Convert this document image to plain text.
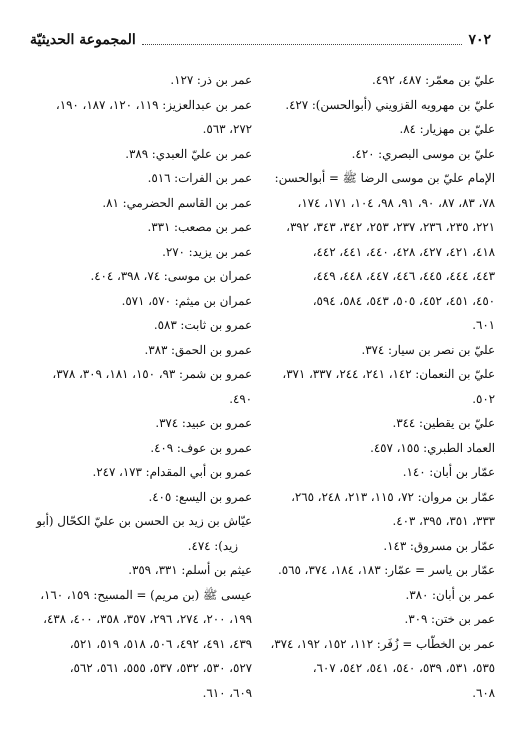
٧٠٢
المجموعة الحديثيّة
عليّ بن معمّر: ٤٨٧، ٤٩٢.
عليّ بن مهرويه القزويني (أبوالحسن): ٤٢٧.
عليّ بن مهزيار: ٨٤.
عليّ بن موسى البصري: ٤٢٠.
الإمام عليّ بن موسى الرضا ﷺ = أبوالحسن:
٧٨، ٨٣، ٨٧، ٩٠، ٩١، ٩٨، ١٠٤، ١٧١، ١٧٤،
٢٢١، ٢٣٥، ٢٣٦، ٢٣٧، ٢٥٣، ٣٤٢، ٣٤٣، ٣٩٢،
٤١٨، ٤٢١، ٤٢٧، ٤٢٨، ٤٤٠، ٤٤١، ٤٤٢،
٤٤٣، ٤٤٤، ٤٤٥، ٤٤٦، ٤٤٧، ٤٤٨، ٤٤٩،
٤٥٠، ٤٥١، ٤٥٢، ٥٠٥، ٥٤٣، ٥٨٤، ٥٩٤،
٦٠١.
عليّ بن نصر بن سيار: ٣٧٤.
عليّ بن النعمان: ١٤٢، ٢٤١، ٢٤٤، ٣٣٧، ٣٧١،
٥٠٢.
عليّ بن يقطين: ٣٤٤.
العماد الطبري: ١٥٥، ٤٥٧.
عمّار بن أبان: ١٤٠.
عمّار بن مروان: ٧٢، ١١٥، ٢١٣، ٢٤٨، ٢٦٥،
٣٣٣، ٣٥١، ٣٩٥، ٤٠٣.
عمّار بن مسروق: ١٤٣.
عمّار بن ياسر = عمّار: ١٨٣، ١٨٤، ٣٧٤، ٥٦٥.
عمر بن أبان: ٣٨٠.
عمر بن ختن: ٣٠٩.
عمر بن الخطّاب = زُفَر: ١١٢، ١٥٢، ١٩٢، ٣٧٤،
٥٣٥، ٥٣١، ٥٣٩، ٥٤٠، ٥٤١، ٥٤٢، ٦٠٧،
٦٠٨.
عمر بن ذر: ١٢٧.
عمر بن عبدالعزيز: ١١٩، ١٢٠، ١٨٧، ١٩٠،
٢٧٢، ٥٦٣.
عمر بن عليّ العبدي: ٣٨٩.
عمر بن الفرات: ٥١٦.
عمر بن القاسم الحضرمي: ٨١.
عمر بن مصعب: ٣٣١.
عمر بن يزيد: ٢٧٠.
عمران بن موسى: ٧٤، ٣٩٨، ٤٠٤.
عمران بن ميثم: ٥٧٠، ٥٧١.
عمرو بن ثابت: ٥٨٣.
عمرو بن الحمق: ٣٨٣.
عمرو بن شمر: ٩٣، ١٥٠، ١٨١، ٣٠٩، ٣٧٨،
٤٩٠.
عمرو بن عبيد: ٣٧٤.
عمرو بن عوف: ٤٠٩.
عمرو بن أبي المقدام: ١٧٣، ٢٤٧.
عمرو بن اليسع: ٤٠٥.
عيّاش بن زيد بن الحسن بن عليّ الكحّال (أبو
زيد): ٤٧٤.
عيثم بن أسلم: ٣٣١، ٣٥٩.
عيسى ﷺ (بن مريم) = المسيح: ١٥٩، ١٦٠،
١٩٩، ٢٠٠، ٢٧٤، ٢٩٦، ٣٥٧، ٣٥٨، ٤٠٠، ٤٣٨،
٤٣٩، ٤٩١، ٤٩٢، ٥٠٦، ٥١٨، ٥١٩، ٥٢١،
٥٢٧، ٥٣٠، ٥٣٢، ٥٣٧، ٥٥٥، ٥٦١، ٥٦٢،
٦٠٩، ٦١٠.
